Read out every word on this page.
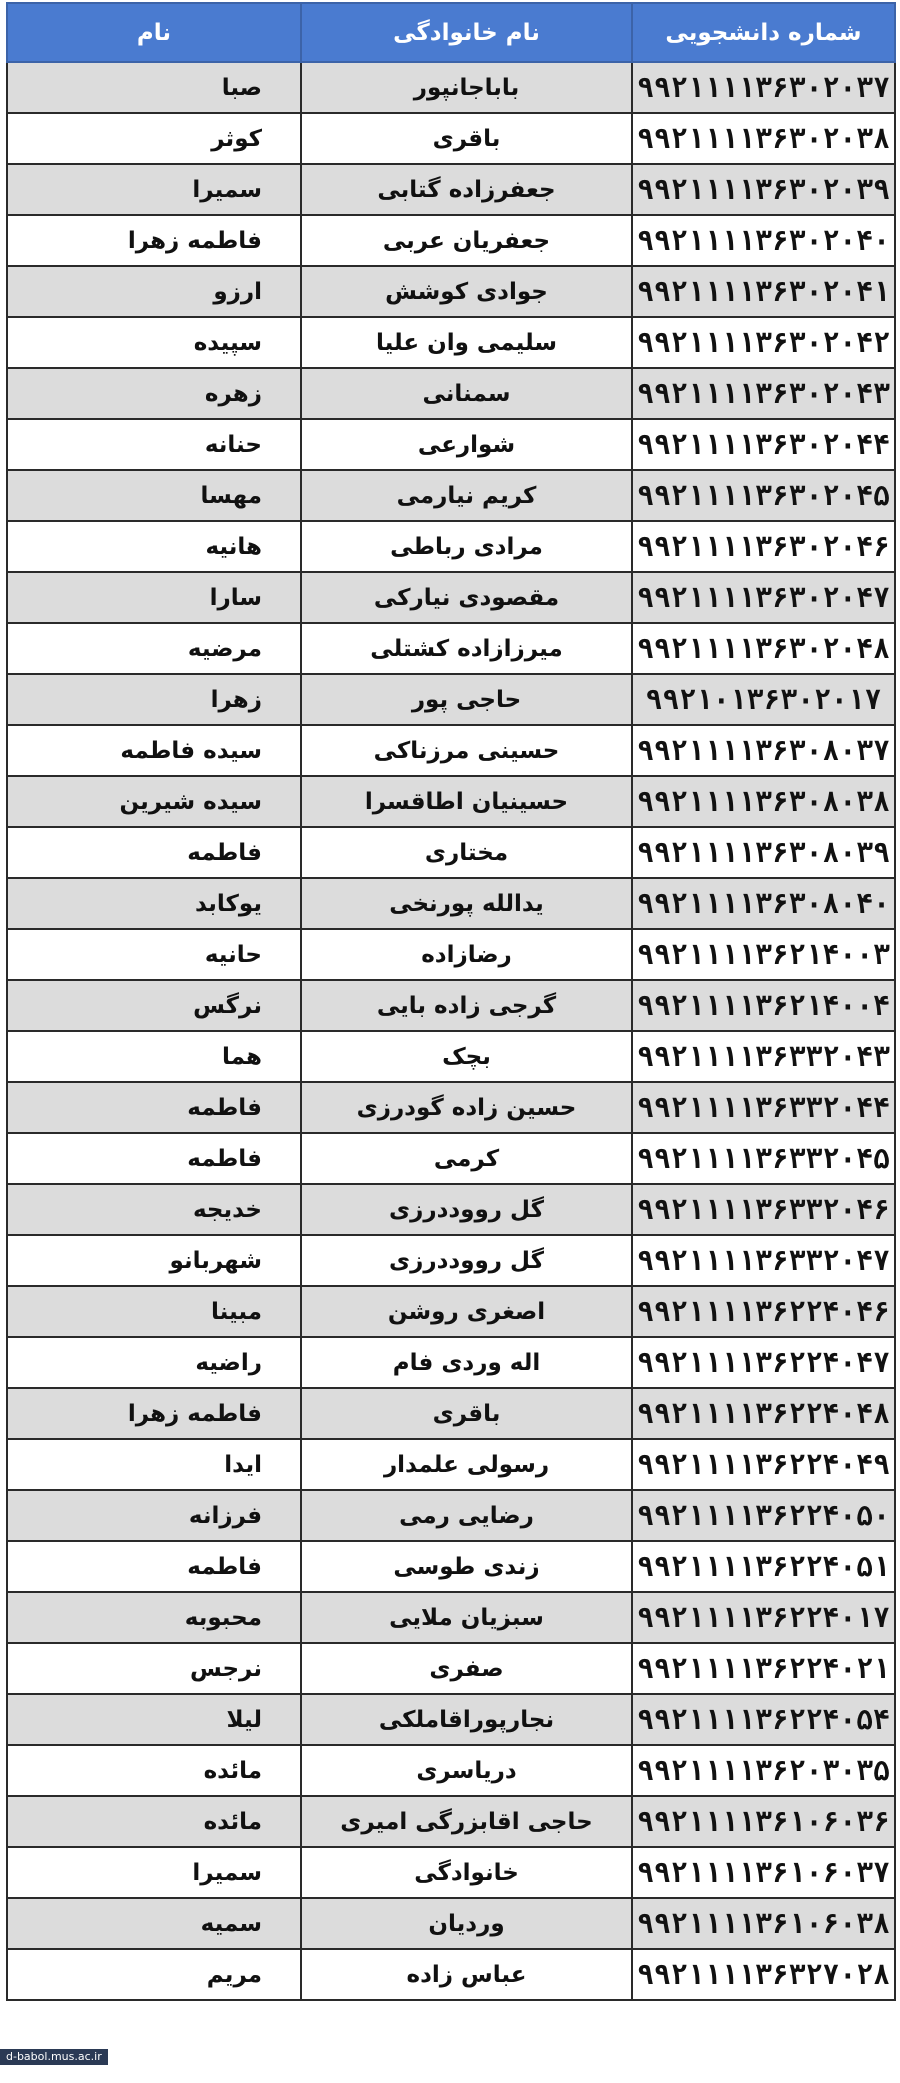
نام	نام خانوادگی	شماره دانشجویی
صبا	باباجانپور	۹۹۲۱۱۱۱۳۶۳۰۲۰۳۷
کوثر	باقری	۹۹۲۱۱۱۱۳۶۳۰۲۰۳۸
سمیرا	جعفرزاده گتابی	۹۹۲۱۱۱۱۳۶۳۰۲۰۳۹
فاطمه زهرا	جعفریان عربی	۹۹۲۱۱۱۱۳۶۳۰۲۰۴۰
ارزو	جوادی کوشش	۹۹۲۱۱۱۱۳۶۳۰۲۰۴۱
سپیده	سلیمی وان علیا	۹۹۲۱۱۱۱۳۶۳۰۲۰۴۲
زهره	سمنانی	۹۹۲۱۱۱۱۳۶۳۰۲۰۴۳
حنانه	شوارعی	۹۹۲۱۱۱۱۳۶۳۰۲۰۴۴
مهسا	کریم نیارمی	۹۹۲۱۱۱۱۳۶۳۰۲۰۴۵
هانیه	مرادی رباطی	۹۹۲۱۱۱۱۳۶۳۰۲۰۴۶
سارا	مقصودی نیارکی	۹۹۲۱۱۱۱۳۶۳۰۲۰۴۷
مرضیه	میرزازاده کشتلی	۹۹۲۱۱۱۱۳۶۳۰۲۰۴۸
زهرا	حاجی پور	۹۹۲۱۰۱۳۶۳۰۲۰۱۷
سیده فاطمه	حسینی مرزناکی	۹۹۲۱۱۱۱۳۶۳۰۸۰۳۷
سیده شیرین	حسینیان اطاقسرا	۹۹۲۱۱۱۱۳۶۳۰۸۰۳۸
فاطمه	مختاری	۹۹۲۱۱۱۱۳۶۳۰۸۰۳۹
یوکابد	یدالله پورنخی	۹۹۲۱۱۱۱۳۶۳۰۸۰۴۰
حانیه	رضازاده	۹۹۲۱۱۱۱۳۶۲۱۴۰۰۳
نرگس	گرجی زاده بایی	۹۹۲۱۱۱۱۳۶۲۱۴۰۰۴
هما	بچک	۹۹۲۱۱۱۱۳۶۳۳۲۰۴۳
فاطمه	حسین زاده گودرزی	۹۹۲۱۱۱۱۳۶۳۳۲۰۴۴
فاطمه	کرمی	۹۹۲۱۱۱۱۳۶۳۳۲۰۴۵
خدیجه	گل رووددرزی	۹۹۲۱۱۱۱۳۶۳۳۲۰۴۶
شهربانو	گل رووددرزی	۹۹۲۱۱۱۱۳۶۳۳۲۰۴۷
مبینا	اصغری روشن	۹۹۲۱۱۱۱۳۶۲۲۴۰۴۶
راضیه	اله وردی فام	۹۹۲۱۱۱۱۳۶۲۲۴۰۴۷
فاطمه زهرا	باقری	۹۹۲۱۱۱۱۳۶۲۲۴۰۴۸
ایدا	رسولی علمدار	۹۹۲۱۱۱۱۳۶۲۲۴۰۴۹
فرزانه	رضایی رمی	۹۹۲۱۱۱۱۳۶۲۲۴۰۵۰
فاطمه	زندی طوسی	۹۹۲۱۱۱۱۳۶۲۲۴۰۵۱
محبوبه	سبزیان ملایی	۹۹۲۱۱۱۱۳۶۲۲۴۰۱۷
نرجس	صفری	۹۹۲۱۱۱۱۳۶۲۲۴۰۲۱
لیلا	نجارپوراقاملکی	۹۹۲۱۱۱۱۳۶۲۲۴۰۵۴
مائده	دریاسری	۹۹۲۱۱۱۱۳۶۲۰۳۰۳۵
مائده	حاجی اقابزرگی امیری	۹۹۲۱۱۱۱۳۶۱۰۶۰۳۶
سمیرا	خانوادگی	۹۹۲۱۱۱۱۳۶۱۰۶۰۳۷
سمیه	وردیان	۹۹۲۱۱۱۱۳۶۱۰۶۰۳۸
مریم	عباس زاده	۹۹۲۱۱۱۱۳۶۳۲۷۰۲۸
d-babol.mus.ac.ir
